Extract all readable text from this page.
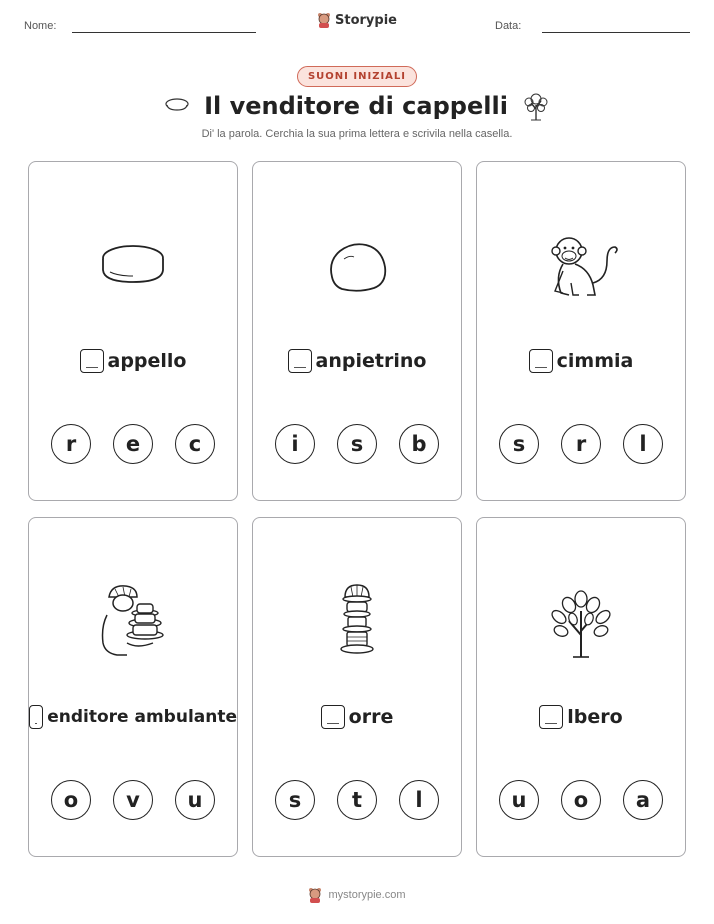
Nome:	Storypie	Data:
SUONI INIZIALI
Il venditore di cappelli
Di' la parola. Cerchia la sua prima lettera e scrivila nella casella.
appello
r	e	c
anpietrino
i	s	b
cimmia
s	r	l
enditore ambulante
o	v	u
orre
s	t	l
lbero
u	o	a
mystorypie.com
